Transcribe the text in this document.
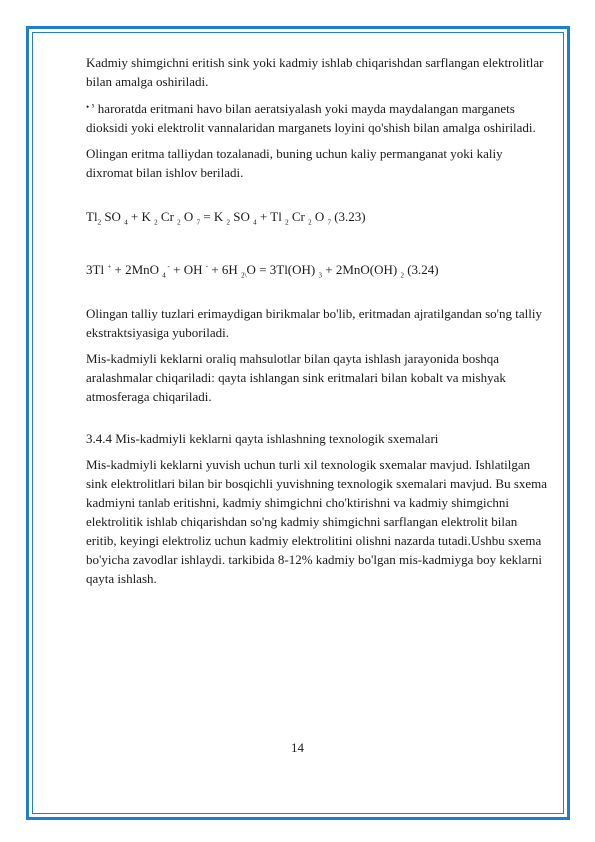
Kadmiy shimgichni eritish sink yoki kadmiy ishlab chiqarishdan sarflangan elektrolitlar bilan amalga oshiriladi.

$^{• ^5}$ haroratda eritmani havo bilan aeratsiyalash yoki mayda maydalangan marganets dioksidi yoki elektrolit vannalaridan marganets loyini qo'shish bilan amalga oshiriladi.

Olingan eritma talliydan tozalanadi, buning uchun kaliy permanganat yoki kaliy dixromat bilan ishlov beriladi.

$Tl_2$ SO $_4$ + K $_2$ Cr $_2$ O $_7$ = K $_2$ SO $_4$ + Tl $_2$ Cr $_2$ O $_7$ (3.23)

3Tl + + 2MnO $_4$ - + OH - + 6H $_{2\backslash}$O = 3Tl(OH) $_3$ + 2MnO(OH) $_2$ (3.24)

Olingan talliy tuzlari erimaydigan birikmalar bo'lib, eritmadan ajratilgandan so'ng talliy ekstraktsiyasiga yuboriladi.

Mis-kadmiyli keklarni oraliq mahsulotlar bilan qayta ishlash jarayonida boshqa aralashmalar chiqariladi: qayta ishlangan sink eritmalari bilan kobalt va mishyak atmosferaga chiqariladi.

3.4.4 Mis-kadmiyli keklarni qayta ishlashning texnologik sxemalari

Mis-kadmiyli keklarni yuvish uchun turli xil texnologik sxemalar mavjud. Ishlatilgan sink elektrolitlari bilan bir bosqichli yuvishning texnologik sxemalari mavjud. Bu sxema kadmiyni tanlab eritishni, kadmiy shimgichni cho'ktirishni va kadmiy shimgichni elektrolitik ishlab chiqarishdan so'ng kadmiy shimgichni sarflangan elektrolit bilan eritib, keyingi elektroliz uchun kadmiy elektrolitini olishni nazarda tutadi.Ushbu sxema bo'yicha zavodlar ishlaydi. tarkibida 8-12% kadmiy bo'lgan mis-kadmiyga boy keklarni qayta ishlash.

14
